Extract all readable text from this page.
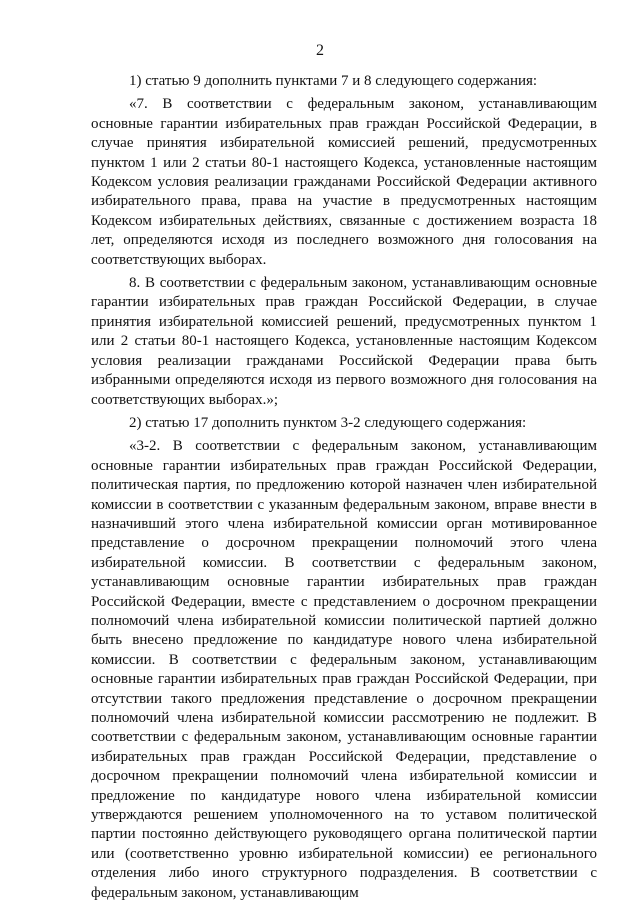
2

1) статью 9 дополнить пунктами 7 и 8 следующего содержания:

«7. В соответствии с федеральным законом, устанавливающим основные гарантии избирательных прав граждан Российской Федерации, в случае принятия избирательной комиссией решений, предусмотренных пунктом 1 или 2 статьи 80-1 настоящего Кодекса, установленные настоящим Кодексом условия реализации гражданами Российской Федерации активного избирательного права, права на участие в предусмотренных настоящим Кодексом избирательных действиях, связанные с достижением возраста 18 лет, определяются исходя из последнего возможного дня голосования на соответствующих выборах.

8. В соответствии с федеральным законом, устанавливающим основные гарантии избирательных прав граждан Российской Федерации, в случае принятия избирательной комиссией решений, предусмотренных пунктом 1 или 2 статьи 80-1 настоящего Кодекса, установленные настоящим Кодексом условия реализации гражданами Российской Федерации права быть избранными определяются исходя из первого возможного дня голосования на соответствующих выборах.»;

2) статью 17 дополнить пунктом 3-2 следующего содержания:

«3-2. В соответствии с федеральным законом, устанавливающим основные гарантии избирательных прав граждан Российской Федерации, политическая партия, по предложению которой назначен член избирательной комиссии в соответствии с указанным федеральным законом, вправе внести в назначивший этого члена избирательной комиссии орган мотивированное представление о досрочном прекращении полномочий этого члена избирательной комиссии. В соответствии с федеральным законом, устанавливающим основные гарантии избирательных прав граждан Российской Федерации, вместе с представлением о досрочном прекращении полномочий члена избирательной комиссии политической партией должно быть внесено предложение по кандидатуре нового члена избирательной комиссии. В соответствии с федеральным законом, устанавливающим основные гарантии избирательных прав граждан Российской Федерации, при отсутствии такого предложения представление о досрочном прекращении полномочий члена избирательной комиссии рассмотрению не подлежит. В соответствии с федеральным законом, устанавливающим основные гарантии избирательных прав граждан Российской Федерации, представление о досрочном прекращении полномочий члена избирательной комиссии и предложение по кандидатуре нового члена избирательной комиссии утверждаются решением уполномоченного на то уставом политической партии постоянно действующего руководящего органа политической партии или (соответственно уровню избирательной комиссии) ее регионального отделения либо иного структурного подразделения. В соответствии с федеральным законом, устанавливающим
